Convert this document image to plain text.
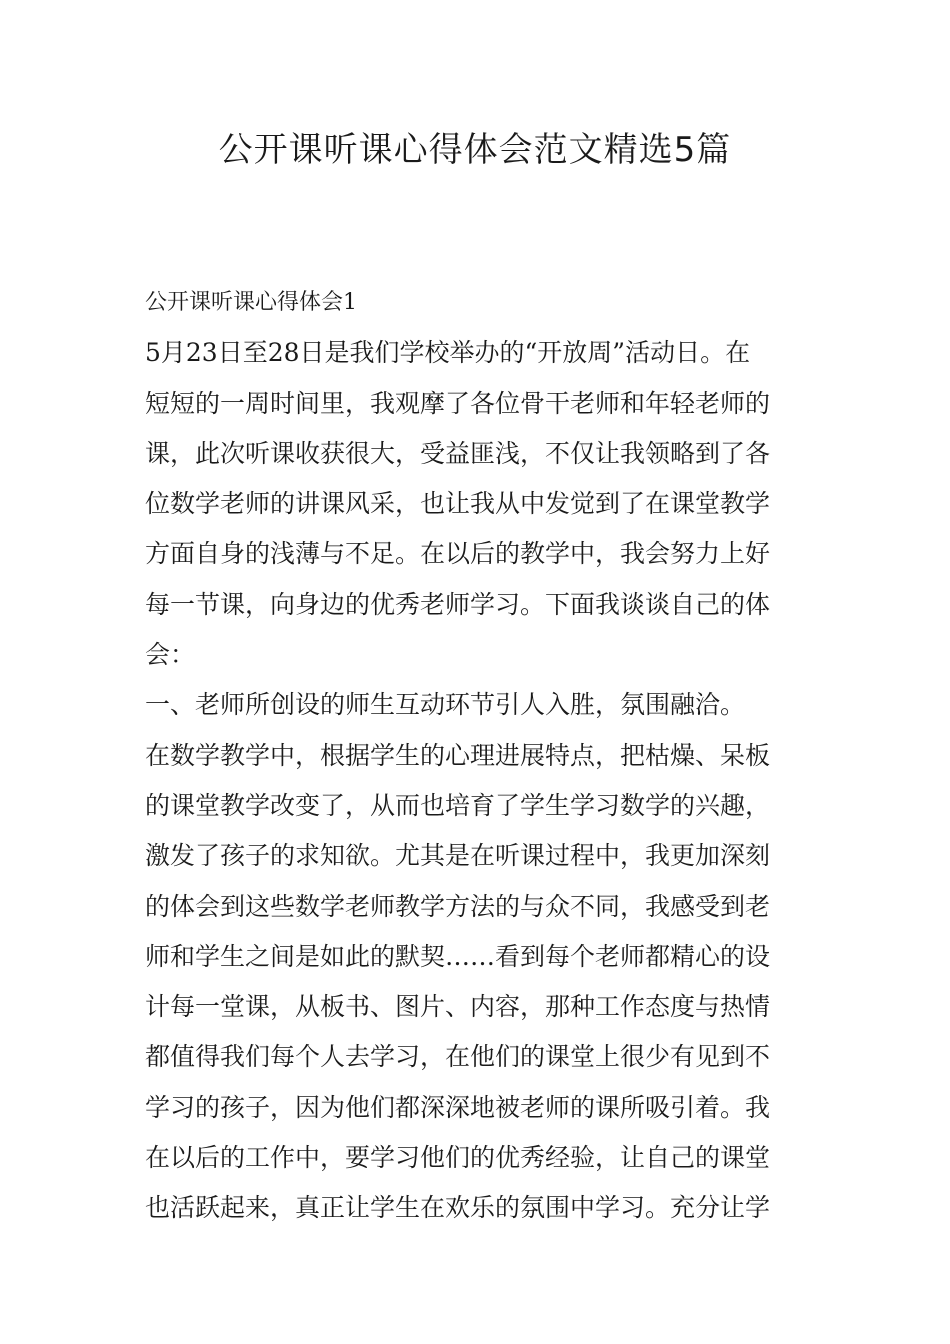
公开课听课心得体会范文精选5篇
公开课听课心得体会1
5月23日至28日是我们学校举办的“开放周”活动日。在
短短的一周时间里，我观摩了各位骨干老师和年轻老师的
课，此次听课收获很大，受益匪浅，不仅让我领略到了各
位数学老师的讲课风采，也让我从中发觉到了在课堂教学
方面自身的浅薄与不足。在以后的教学中，我会努力上好
每一节课，向身边的优秀老师学习。下面我谈谈自己的体
会：
一、老师所创设的师生互动环节引人入胜，氛围融洽。
在数学教学中，根据学生的心理进展特点，把枯燥、呆板
的课堂教学改变了，从而也培育了学生学习数学的兴趣，
激发了孩子的求知欲。尤其是在听课过程中，我更加深刻
的体会到这些数学老师教学方法的与众不同，我感受到老
师和学生之间是如此的默契……看到每个老师都精心的设
计每一堂课，从板书、图片、内容，那种工作态度与热情
都值得我们每个人去学习，在他们的课堂上很少有见到不
学习的孩子，因为他们都深深地被老师的课所吸引着。我
在以后的工作中，要学习他们的优秀经验，让自己的课堂
也活跃起来，真正让学生在欢乐的氛围中学习。充分让学
